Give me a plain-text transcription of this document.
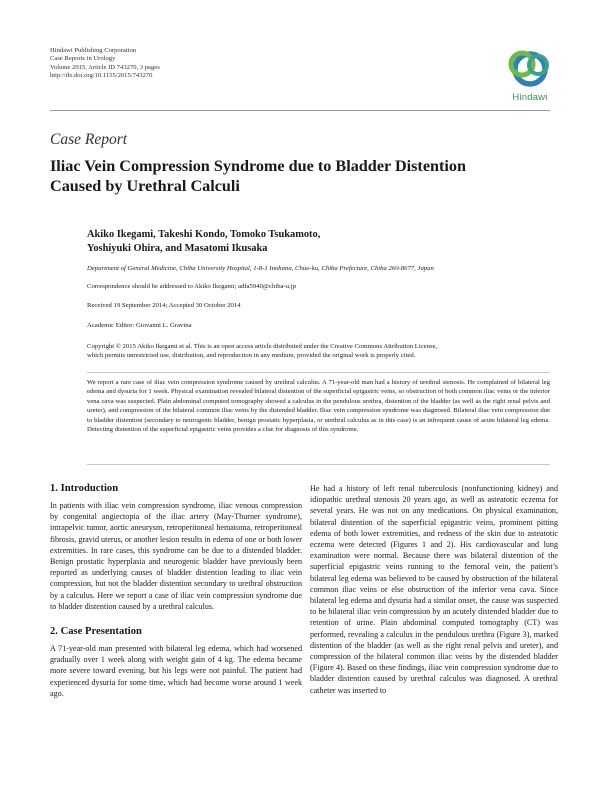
Hindawi Publishing Corporation
Case Reports in Urology
Volume 2015, Article ID 743270, 3 pages
http://dx.doi.org/10.1155/2015/743270
Hindawi
Case Report
Iliac Vein Compression Syndrome due to Bladder Distention
Caused by Urethral Calculi
Akiko Ikegami, Takeshi Kondo, Tomoko Tsukamoto,
Yoshiyuki Ohira, and Masatomi Ikusaka
Department of General Medicine, Chiba University Hospital, 1-8-1 Inohana, Chuo-ku, Chiba Prefecture, Chiba 260-8677, Japan
Correspondence should be addressed to Akiko Ikegami; adfa5940@chiba-u.jp
Received 19 September 2014; Accepted 30 October 2014
Academic Editor: Giovanni L. Gravina
Copyright © 2015 Akiko Ikegami et al. This is an open access article distributed under the Creative Commons Attribution License,
which permits unrestricted use, distribution, and reproduction in any medium, provided the original work is properly cited.
We report a rare case of iliac vein compression syndrome caused by urethral calculus. A 71-year-old man had a history of urethral stenosis. He complained of bilateral leg edema and dysuria for 1 week. Physical examination revealed bilateral distention of the superficial epigastric veins, so obstruction of both common iliac veins or the inferior vena cava was suspected. Plain abdominal computed tomography showed a calculus in the pendulous urethra, distention of the bladder (as well as the right renal pelvis and ureter), and compression of the bilateral common iliac veins by the distended bladder. Iliac vein compression syndrome was diagnosed. Bilateral iliac vein compression due to bladder distention (secondary to neurogenic bladder, benign prostatic hyperplasia, or urethral calculus as in this case) is an infrequent cause of acute bilateral leg edema. Detecting distention of the superficial epigastric veins provides a clue for diagnosis of this syndrome.
1. Introduction

In patients with iliac vein compression syndrome, iliac venous compression by congenital angiectopia of the iliac artery (May-Thurner syndrome), intrapelvic tumor, aortic aneurysm, retroperitoneal hematoma, retroperitoneal fibrosis, gravid uterus, or another lesion results in edema of one or both lower extremities. In rare cases, this syndrome can be due to a distended bladder. Benign prostatic hyperplasia and neurogenic bladder have previously been reported as underlying causes of bladder distention leading to iliac vein compression, but not the bladder distention secondary to urethral obstruction by a calculus. Here we report a case of iliac vein compression syndrome due to bladder distention caused by a urethral calculus.

2. Case Presentation

A 71-year-old man presented with bilateral leg edema, which had worsened gradually over 1 week along with weight gain of 4 kg. The edema became more severe toward evening, but his legs were not painful. The patient had experienced dysuria for some time, which had become worse around 1 week ago.

He had a history of left renal tuberculosis (nonfunctioning kidney) and idiopathic urethral stenosis 20 years ago, as well as asteatotic eczema for several years. He was not on any medications. On physical examination, bilateral distention of the superficial epigastric veins, prominent pitting edema of both lower extremities, and redness of the skin due to asteatotic eczema were detected (Figures 1 and 2). His cardiovascular and lung examination were normal. Because there was bilateral distention of the superficial epigastric veins running to the femoral vein, the patient’s bilateral leg edema was believed to be caused by obstruction of the bilateral common iliac veins or else obstruction of the inferior vena cava. Since bilateral leg edema and dysuria had a similar onset, the cause was suspected to be bilateral iliac vein compression by an acutely distended bladder due to retention of urine. Plain abdominal computed tomography (CT) was performed, revealing a calculus in the pendulous urethra (Figure 3), marked distention of the bladder (as well as the right renal pelvis and ureter), and compression of the bilateral common iliac veins by the distended bladder (Figure 4). Based on these findings, iliac vein compression syndrome due to bladder distention caused by urethral calculus was diagnosed. A urethral catheter was inserted to
